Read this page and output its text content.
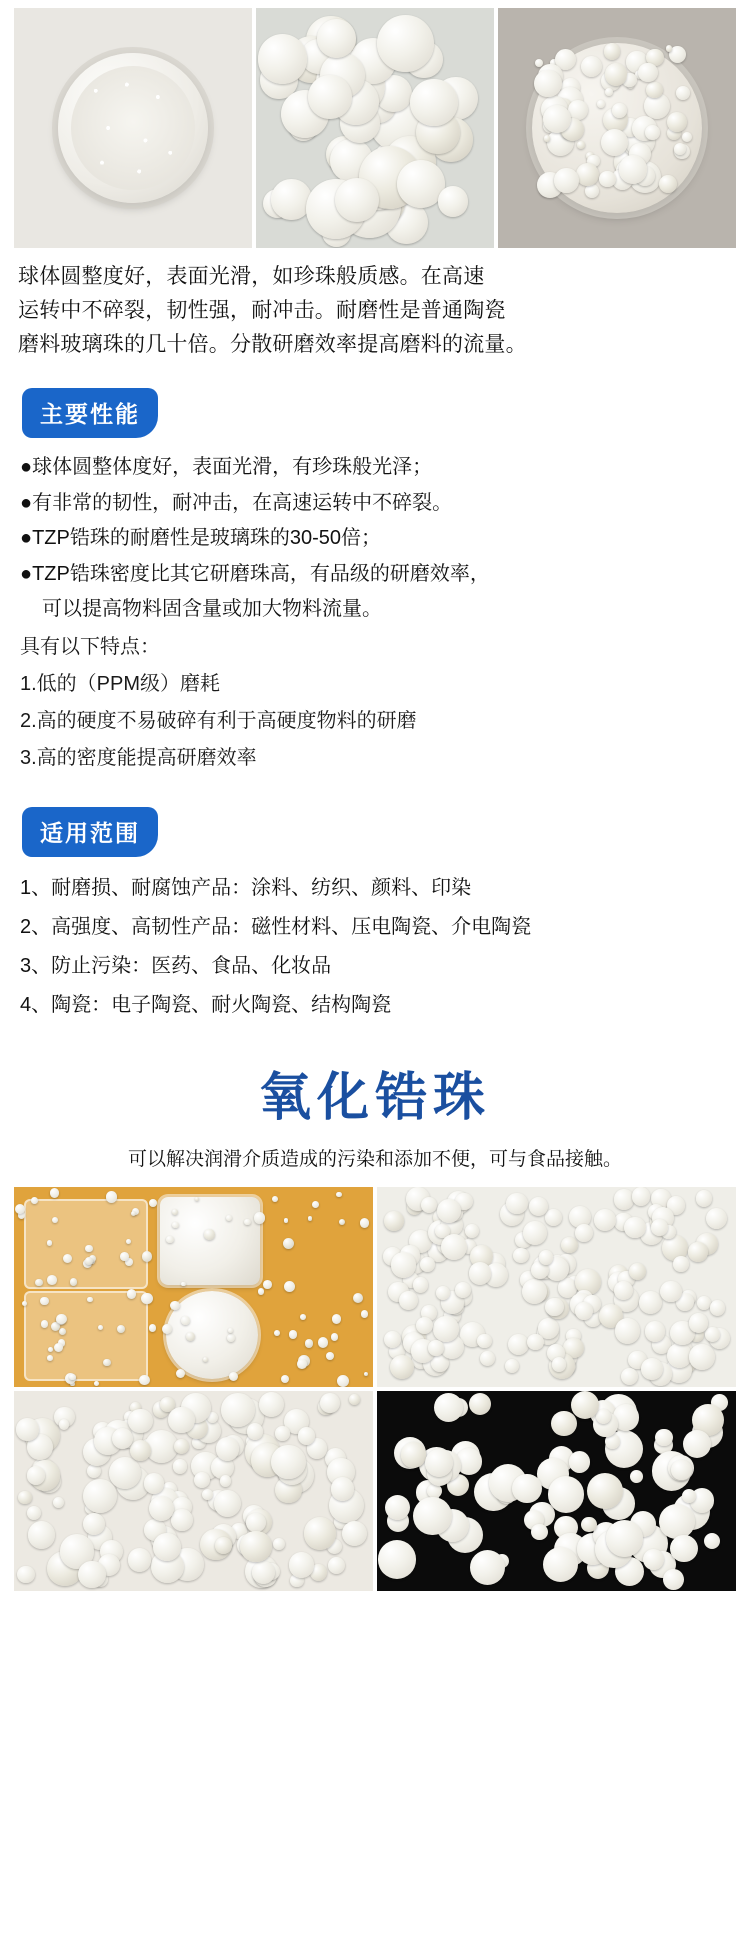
球体圆整度好，表面光滑，如珍珠般质感。在高速
运转中不碎裂，韧性强，耐冲击。耐磨性是普通陶瓷
磨料玻璃珠的几十倍。分散研磨效率提高磨料的流量。
主要性能
●球体圆整体度好，表面光滑，有珍珠般光泽；
●有非常的韧性，耐冲击，在高速运转中不碎裂。
●TZP锆珠的耐磨性是玻璃珠的30-50倍；
●TZP锆珠密度比其它研磨珠高，有品级的研磨效率，
可以提高物料固含量或加大物料流量。
具有以下特点：
1.低的（PPM级）磨耗
2.高的硬度不易破碎有利于高硬度物料的研磨
3.高的密度能提高研磨效率
适用范围
1、耐磨损、耐腐蚀产品：涂料、纺织、颜料、印染
2、高强度、高韧性产品：磁性材料、压电陶瓷、介电陶瓷
3、防止污染：医药、食品、化妆品
4、陶瓷：电子陶瓷、耐火陶瓷、结构陶瓷
氧化锆珠
可以解决润滑介质造成的污染和添加不便，可与食品接触。
